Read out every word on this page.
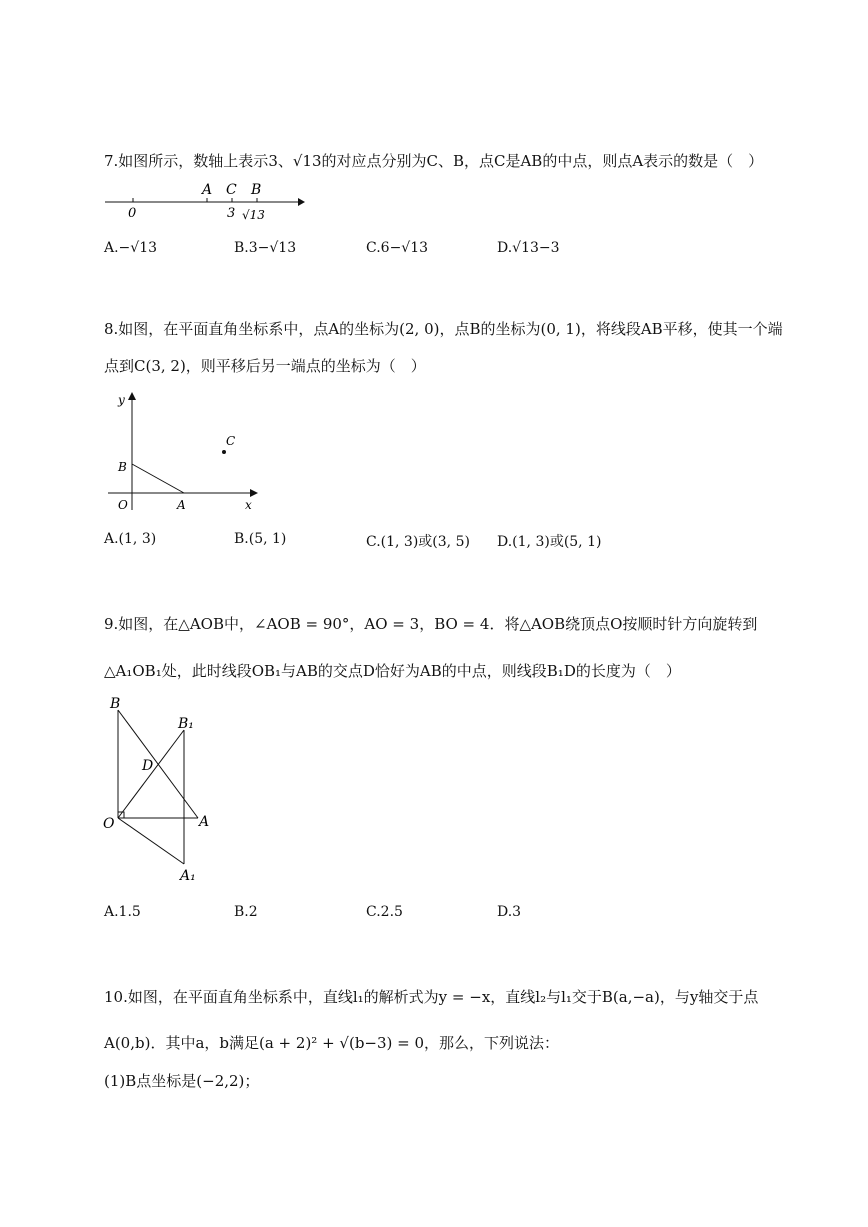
7.如图所示，数轴上表示3、√13的对应点分别为C、B，点C是AB的中点，则点A表示的数是（　）
A C B
0	3 √13
A.−√13	B.3−√13	C.6−√13	D.√13−3
8.如图，在平面直角坐标系中，点A的坐标为(2, 0)，点B的坐标为(0, 1)，将线段AB平移，使其一个端
点到C(3, 2)，则平移后另一端点的坐标为（　）
y
x
O	A
B
C
A.(1, 3)	B.(5, 1)	C.(1, 3)或(3, 5) D.(1, 3)或(5, 1)
9.如图，在△AOB中，∠AOB = 90°，AO = 3，BO = 4．将△AOB绕顶点O按顺时针方向旋转到
△A₁OB₁处，此时线段OB₁与AB的交点D恰好为AB的中点，则线段B₁D的长度为（　）
B
B₁
D
O	A
A₁
A.1.5	B.2	C.2.5	D.3
10.如图，在平面直角坐标系中，直线l₁的解析式为y = −x，直线l₂与l₁交于B(a,−a)，与y轴交于点
A(0,b)．其中a，b满足(a + 2)² + √(b−3) = 0，那么，下列说法：
(1)B点坐标是(−2,2)；
